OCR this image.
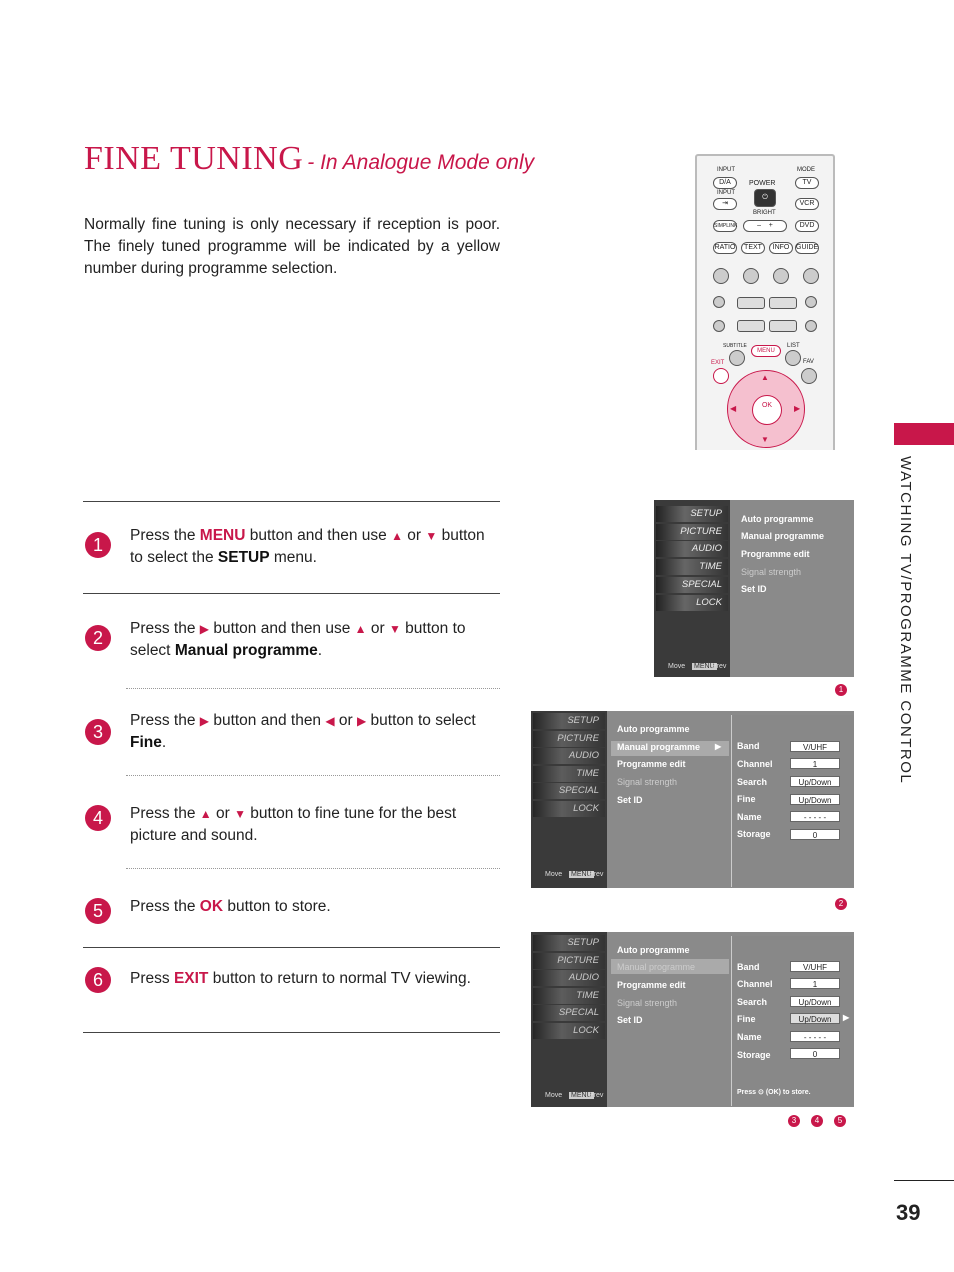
FINE TUNING - In Analogue Mode only
Normally fine tuning is only necessary if reception is poor. The finely tuned programme will be indicated by a yellow number during programme selection.
WATCHING TV/PROGRAMME CONTROL
39
INPUT	MODE
POWER
D/A	TV
⏻
INPUT
⇥	VCR
BRIGHT
SIMPLINK	– +	DVD
RATIO	TEXT	INFO GUIDE
SUBTITLE	LIST
MENU
EXIT	FAV
OK
▲
▼
◀	▶
1	Press the MENU button and then use ▲ or ▼ button to select the SETUP menu.
2	Press the ▶ button and then use ▲ or ▼ button to select Manual programme.
3
Press the ▶ button and then ◀ or ▶ button to select Fine.
4	Press the ▲ or ▼ button to fine tune for the best picture and sound.
5	Press the OK button to store.
6	Press EXIT button to return to normal TV viewing.
SETUP
PICTURE
AUDIO
TIME
SPECIAL
LOCK
Move MENU
Prev
Auto programme
Manual programme
Programme edit
Signal strength
Set ID
1
SETUP
PICTURE
AUDIO
TIME
SPECIAL
LOCK
Move MENU
Prev
Auto programme
Manual programme ▶
Programme edit
Signal strength
Set ID
Band	V/UHF
Channel	1
Search	Up/Down
Fine	Up/Down
Name	- - - - -
Storage	0
2
SETUP
PICTURE
AUDIO
TIME
SPECIAL
LOCK
Move MENU
Prev
Auto programme
Manual programme
Programme edit
Signal strength
Set ID
Band	V/UHF
Channel	1
Search	Up/Down
Fine	Up/Down	▶
Name	- - - - -
Storage	0
Press ⊙ (OK) to store.
3	4	5
